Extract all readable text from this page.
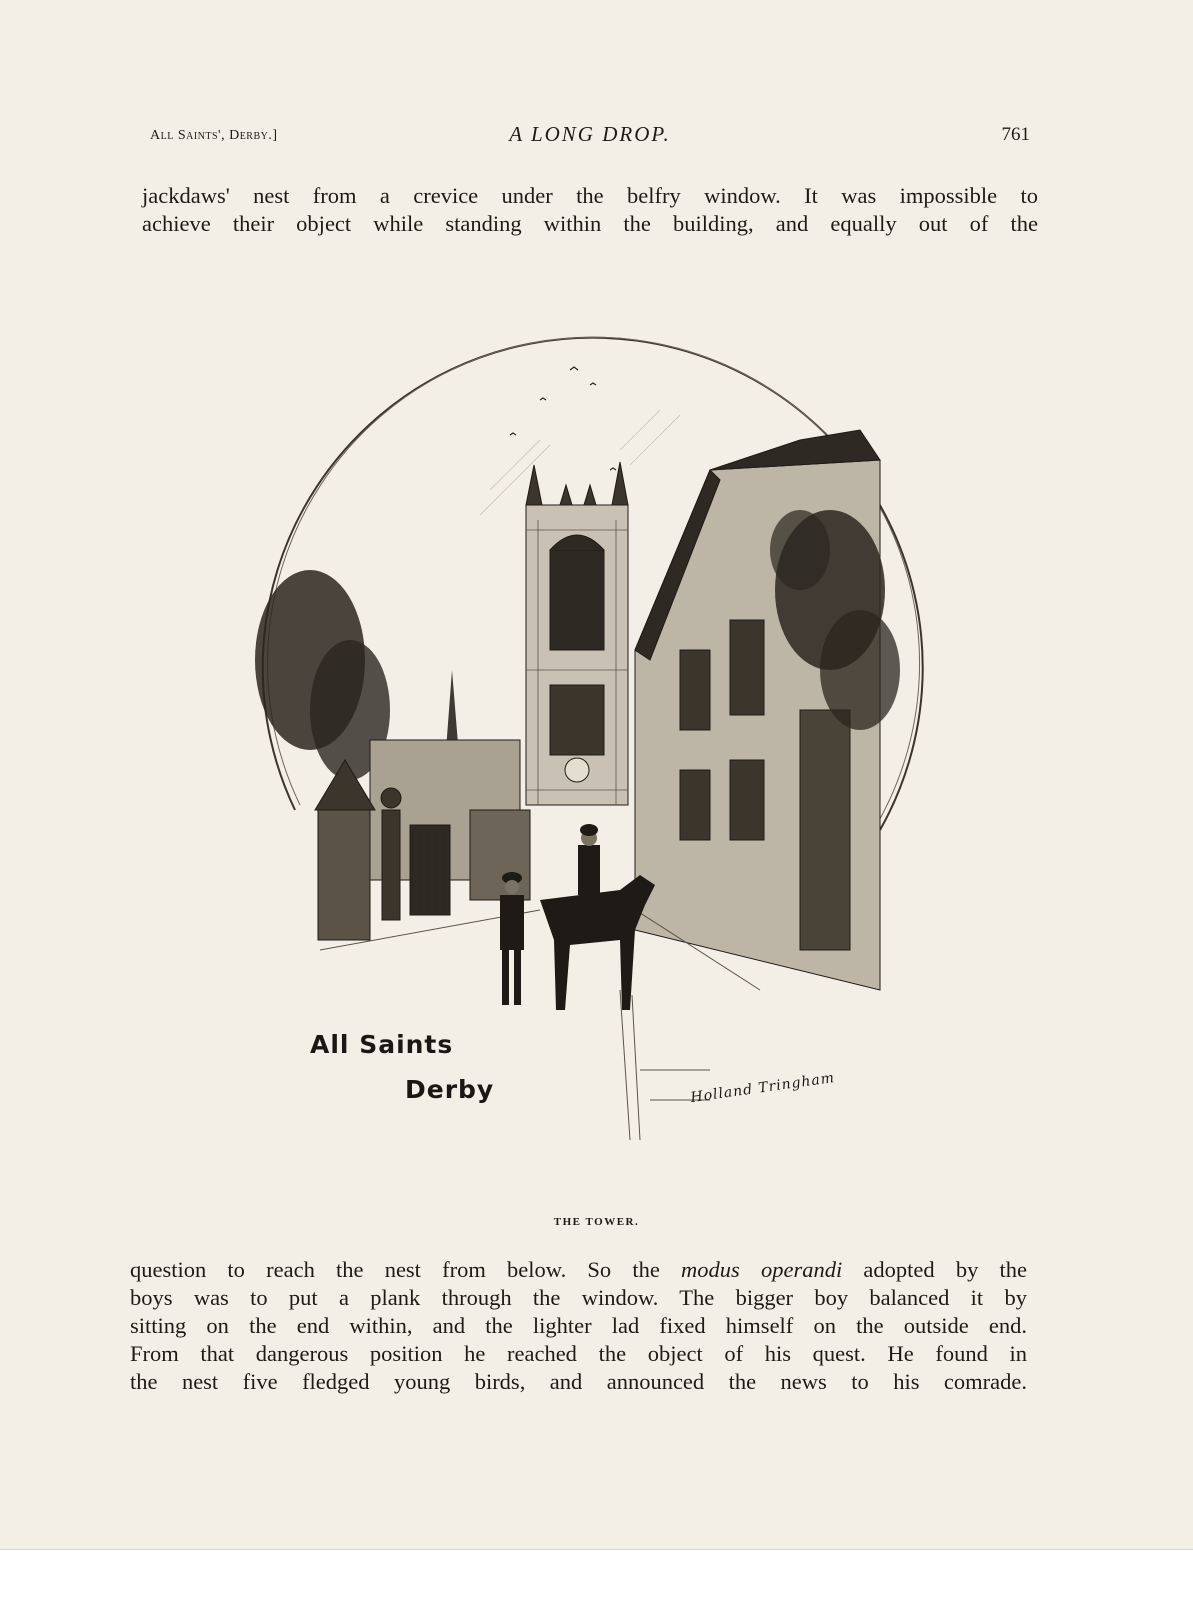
All Saints', Derby.]	A LONG DROP.	761
jackdaws' nest from a crevice under the belfry window. It was impossible to
achieve their object while standing within the building, and equally out of the
All Saints
Derby	Holland Tringham
THE TOWER.
question to reach the nest from below. So the modus operandi adopted by the
boys was to put a plank through the window. The bigger boy balanced it by
sitting on the end within, and the lighter lad fixed himself on the outside end.
From that dangerous position he reached the object of his quest. He found in
the nest five fledged young birds, and announced the news to his comrade.
